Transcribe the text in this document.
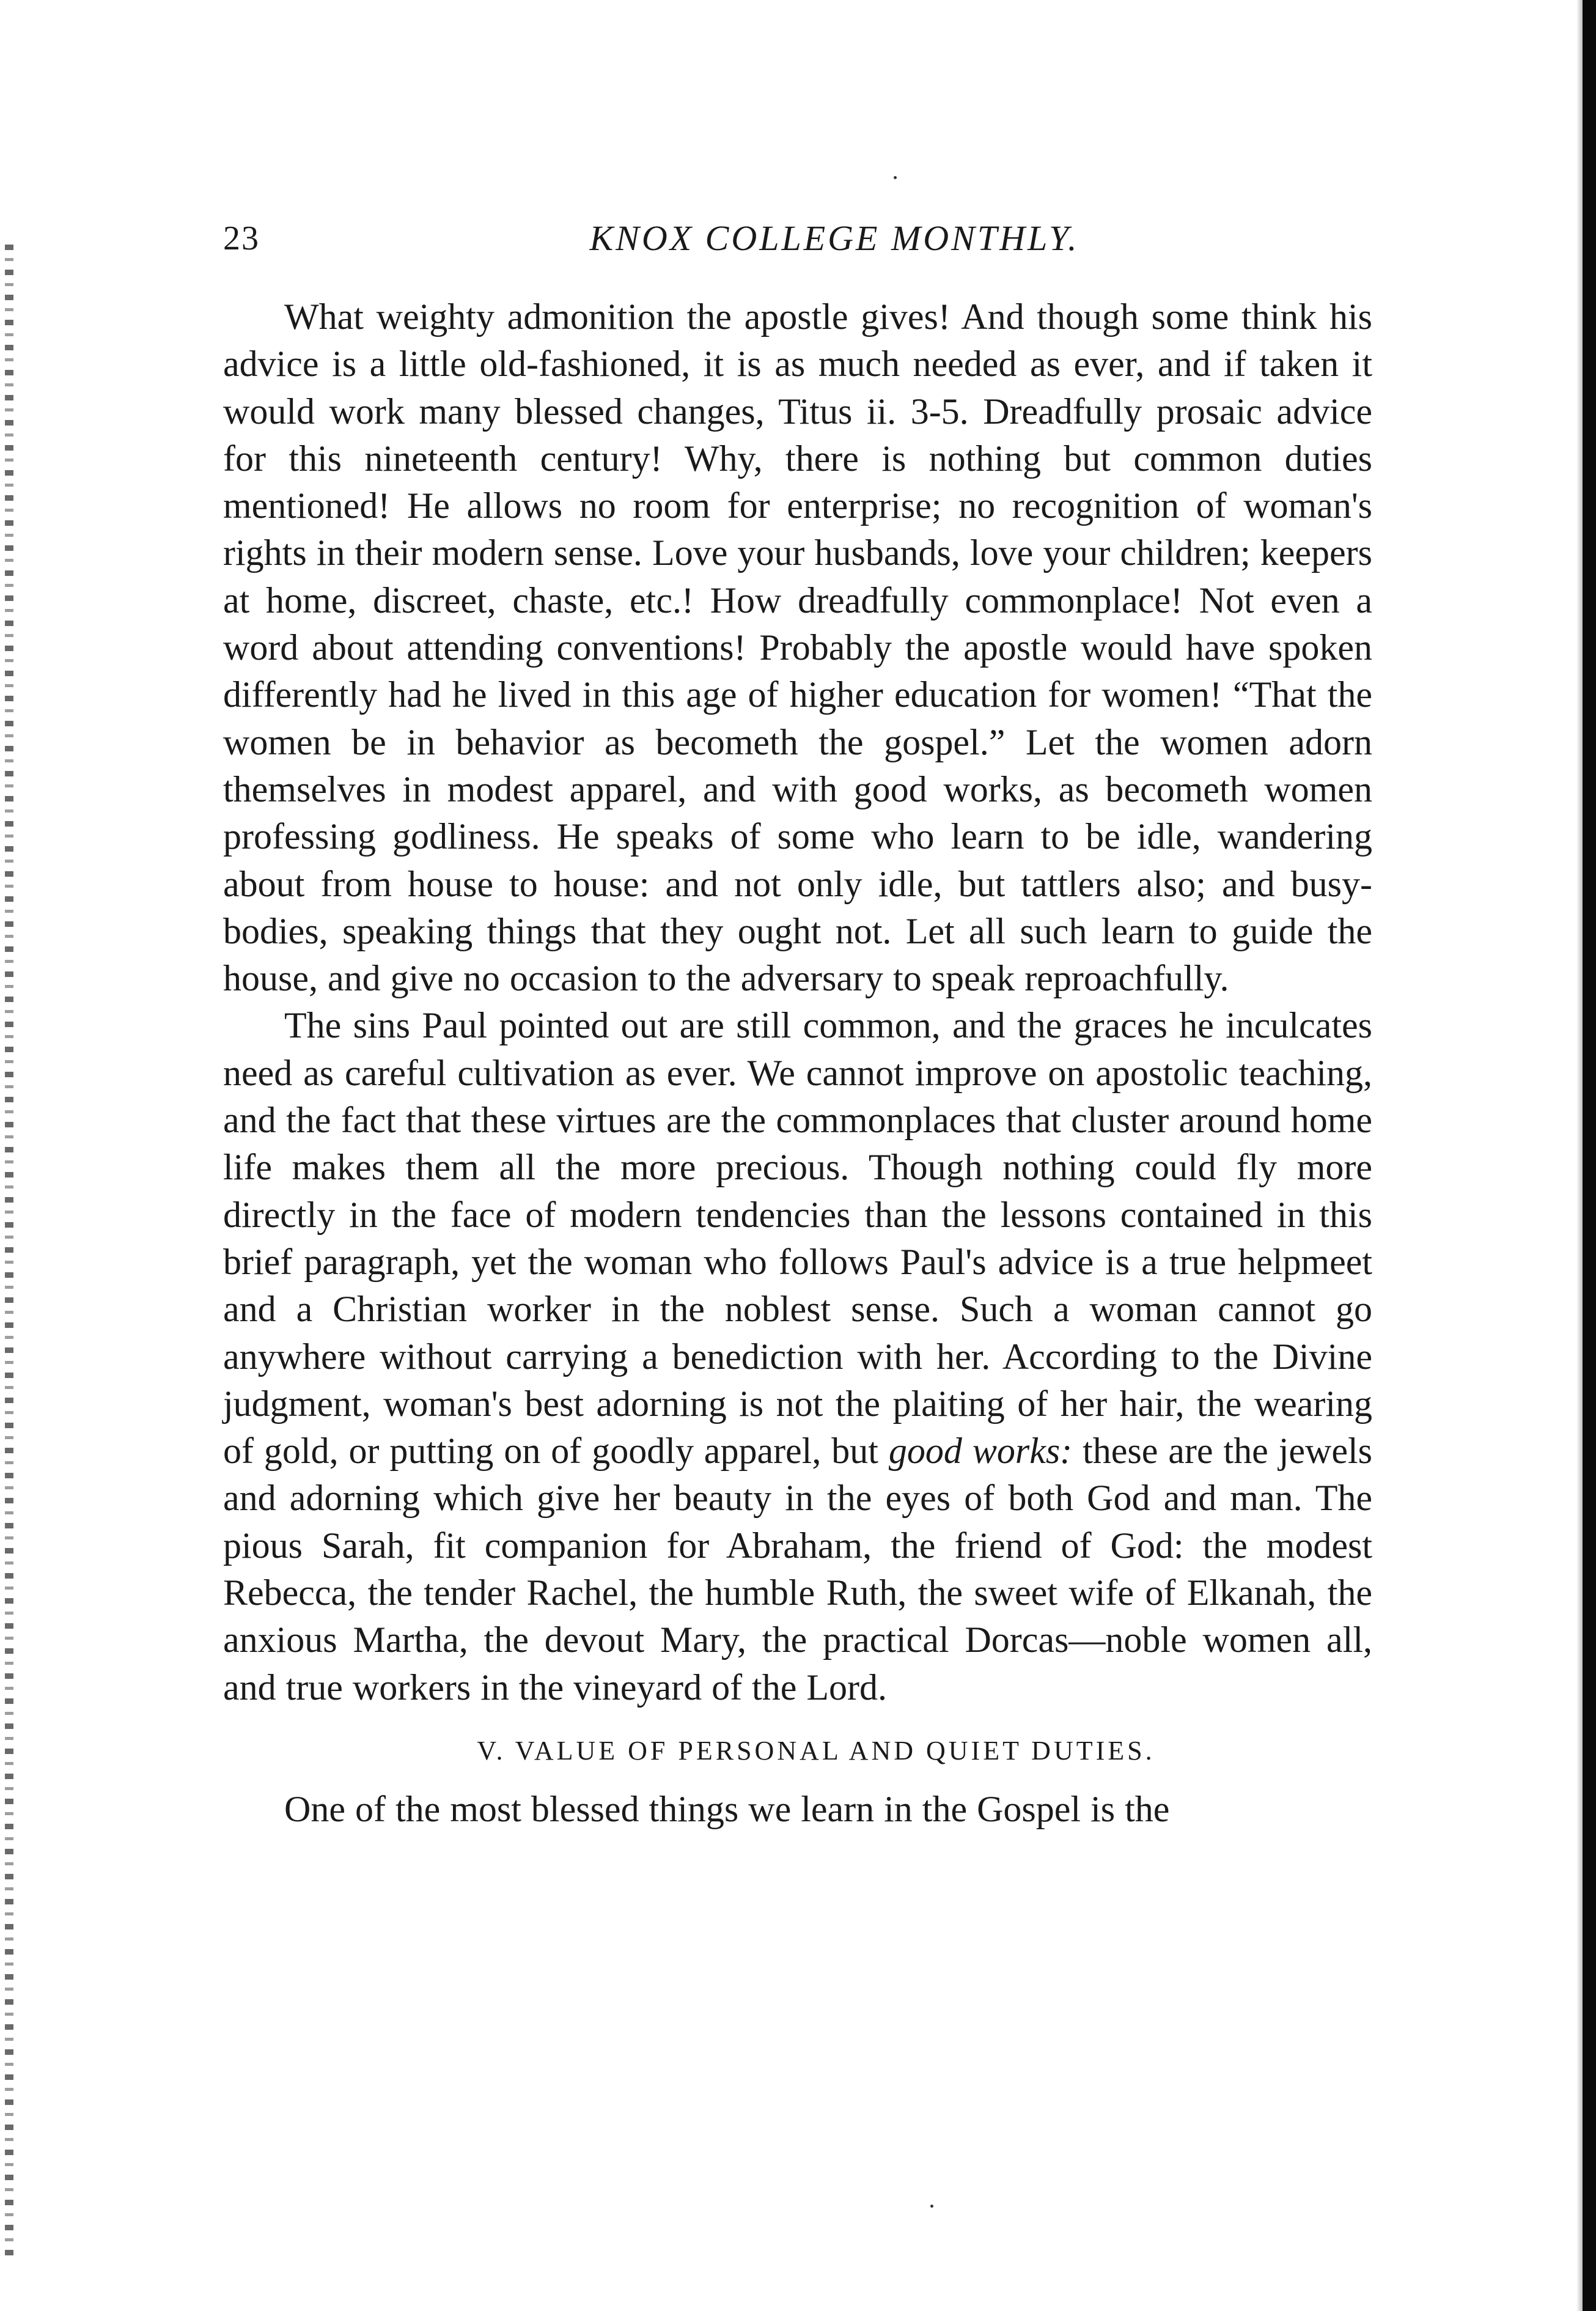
23	KNOX COLLEGE MONTHLY.

What weighty admonition the apostle gives! And though some think his advice is a little old-fashioned, it is as much needed as ever, and if taken it would work many blessed changes, Titus ii. 3-5. Dreadfully prosaic advice for this nineteenth century! Why, there is nothing but common duties mentioned! He allows no room for enterprise; no recognition of woman's rights in their modern sense. Love your husbands, love your children; keepers at home, discreet, chaste, etc.! How dreadfully commonplace! Not even a word about attending conventions! Probably the apostle would have spoken differently had he lived in this age of higher education for women! “That the women be in behavior as becometh the gospel.” Let the women adorn themselves in modest apparel, and with good works, as becometh women professing godliness. He speaks of some who learn to be idle, wandering about from house to house: and not only idle, but tattlers also; and busy-bodies, speaking things that they ought not. Let all such learn to guide the house, and give no occasion to the adversary to speak reproachfully.

The sins Paul pointed out are still common, and the graces he inculcates need as careful cultivation as ever. We cannot improve on apostolic teaching, and the fact that these virtues are the commonplaces that cluster around home life makes them all the more precious. Though nothing could fly more directly in the face of modern tendencies than the lessons contained in this brief paragraph, yet the woman who follows Paul's advice is a true helpmeet and a Christian worker in the noblest sense. Such a woman cannot go anywhere without carrying a benediction with her. According to the Divine judgment, woman's best adorning is not the plaiting of her hair, the wearing of gold, or putting on of goodly apparel, but good works: these are the jewels and adorning which give her beauty in the eyes of both God and man. The pious Sarah, fit companion for Abraham, the friend of God: the modest Rebecca, the tender Rachel, the humble Ruth, the sweet wife of Elkanah, the anxious Martha, the devout Mary, the practical Dorcas—noble women all, and true workers in the vineyard of the Lord.

V. VALUE OF PERSONAL AND QUIET DUTIES.

One of the most blessed things we learn in the Gospel is the
